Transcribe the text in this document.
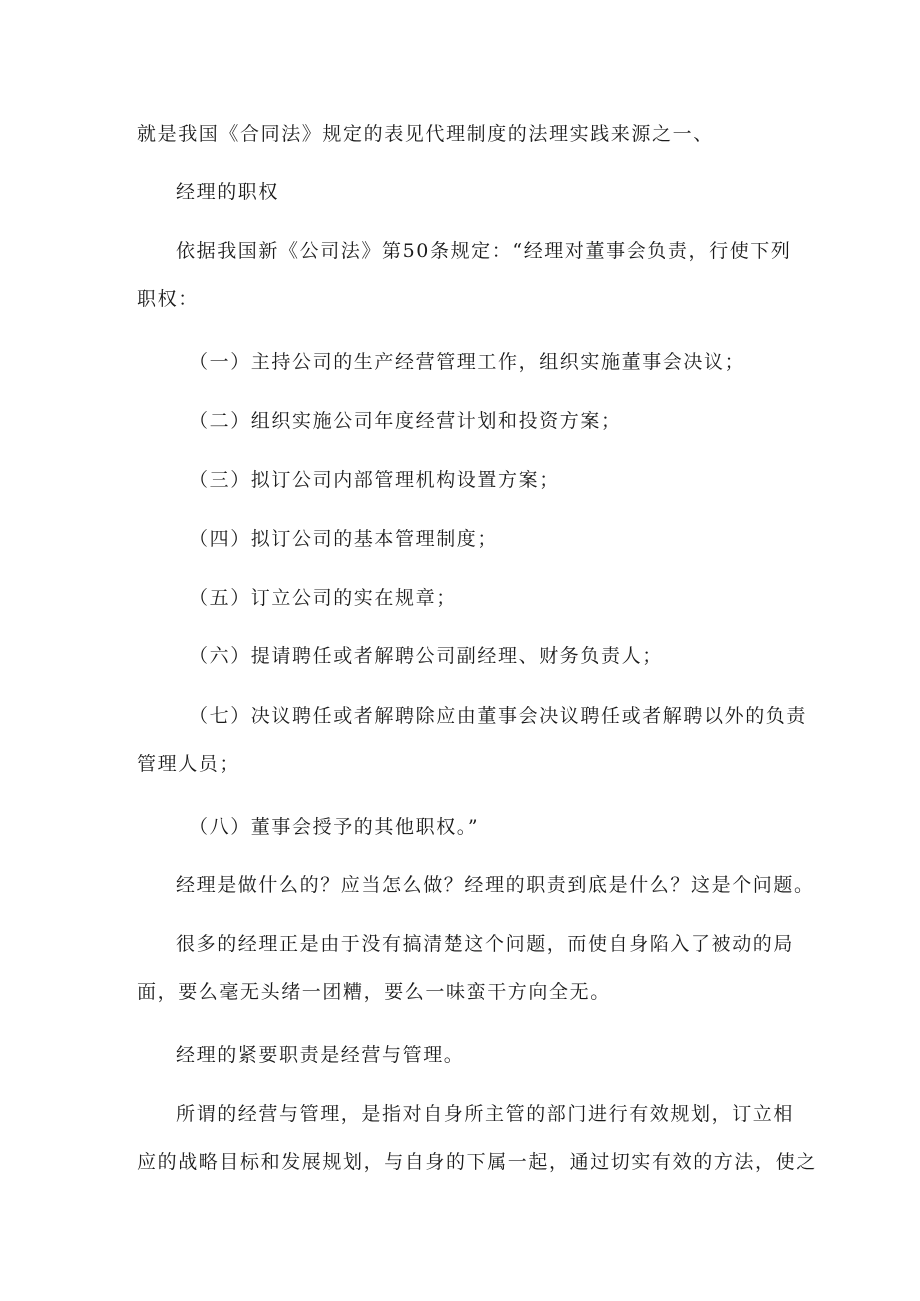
就是我国《合同法》规定的表见代理制度的法理实践来源之一、

经理的职权

依据我国新《公司法》第50条规定：“经理对董事会负责，行使下列
职权：

（一）主持公司的生产经营管理工作，组织实施董事会决议；

（二）组织实施公司年度经营计划和投资方案；

（三）拟订公司内部管理机构设置方案；

（四）拟订公司的基本管理制度；

（五）订立公司的实在规章；

（六）提请聘任或者解聘公司副经理、财务负责人；

（七）决议聘任或者解聘除应由董事会决议聘任或者解聘以外的负责
管理人员；

（八）董事会授予的其他职权。”

经理是做什么的？应当怎么做？经理的职责到底是什么？这是个问题。

很多的经理正是由于没有搞清楚这个问题，而使自身陷入了被动的局
面，要么毫无头绪一团糟，要么一味蛮干方向全无。

经理的紧要职责是经营与管理。

所谓的经营与管理，是指对自身所主管的部门进行有效规划，订立相
应的战略目标和发展规划，与自身的下属一起，通过切实有效的方法，使之
